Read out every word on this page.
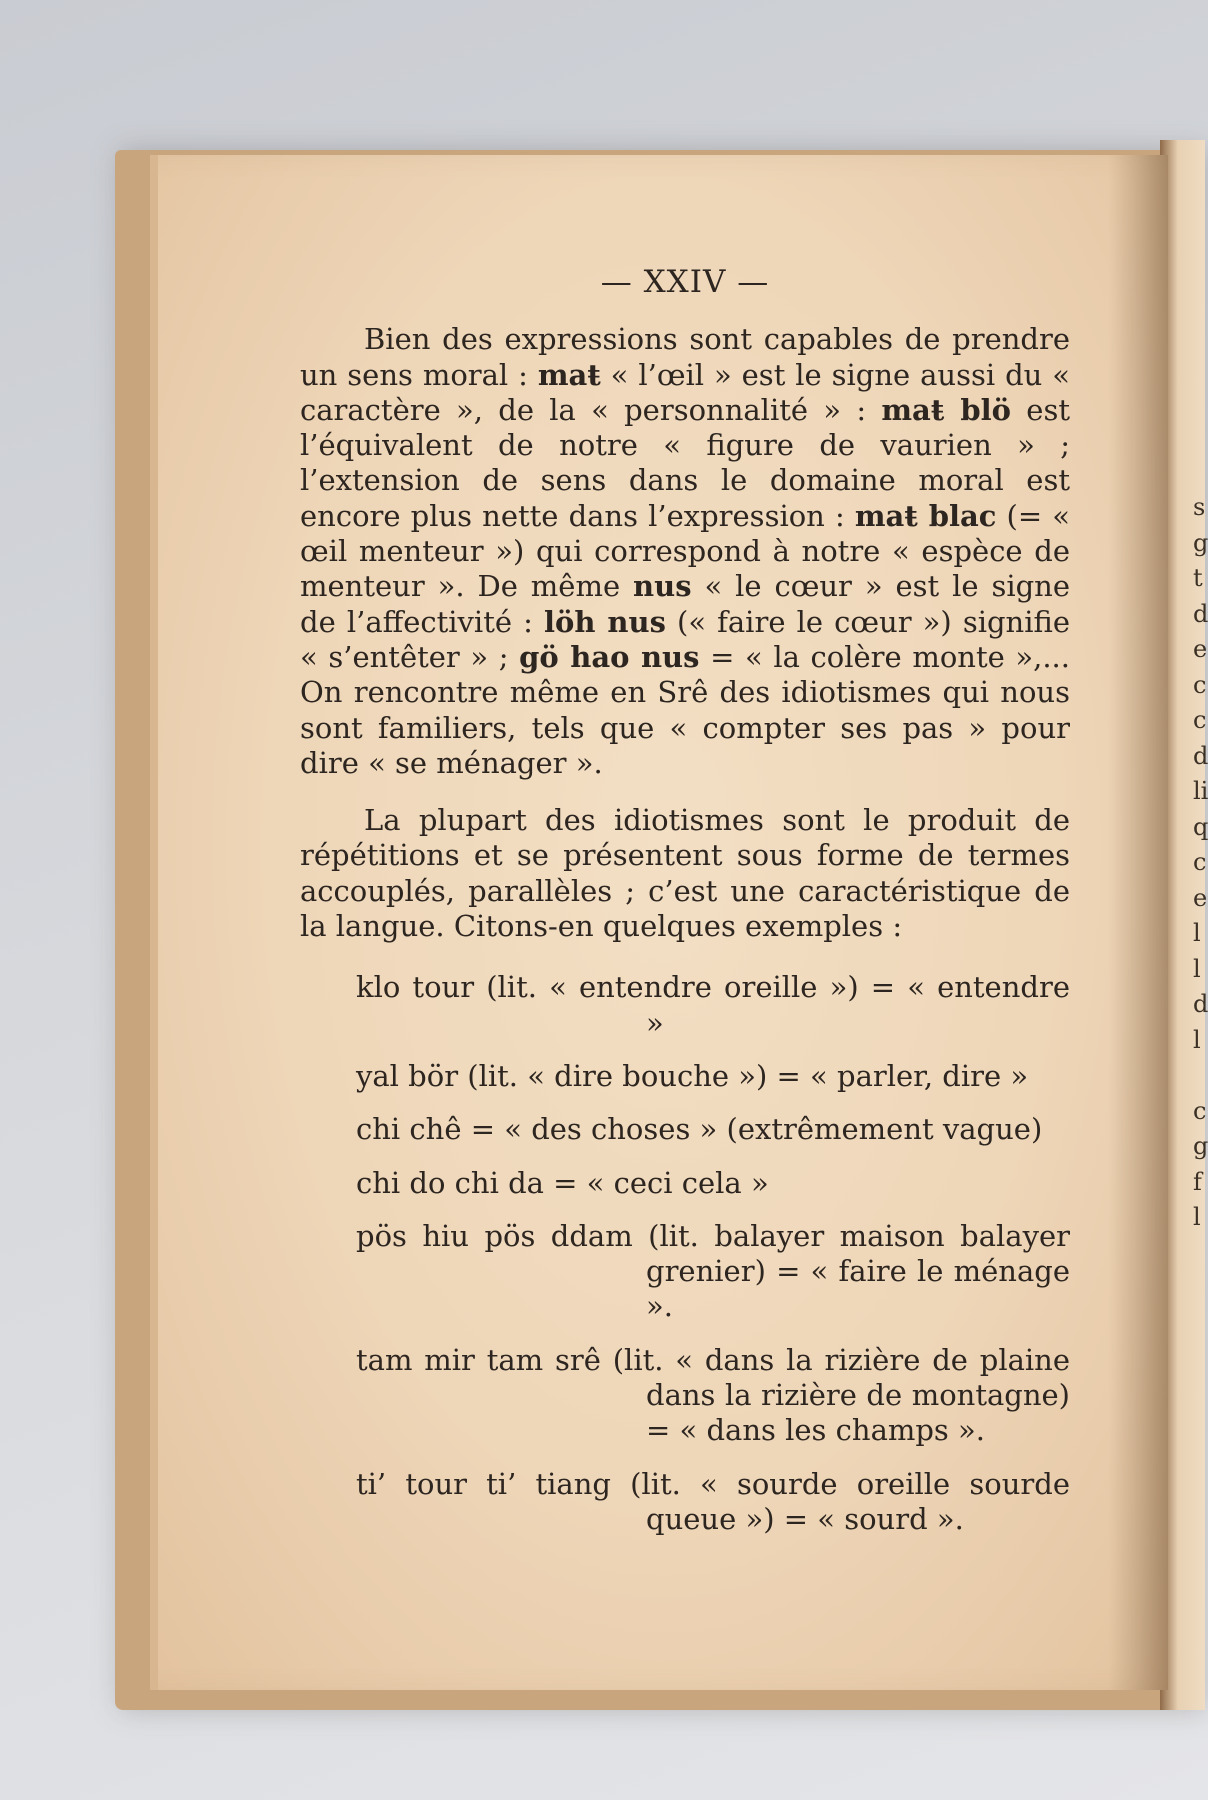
s
g
t
d
e
c
c
d
li
q
c
e
l
l
d
l
c
g
f
l
— XXIV —

Bien des expressions sont capables de prendre un sens moral : maŧ « l’œil » est le signe aussi du « caractère », de la « personnalité » : maŧ blö est l’équivalent de notre « figure de vaurien » ; l’extension de sens dans le domaine moral est encore plus nette dans l’expression : maŧ blac (= « œil menteur ») qui correspond à notre « espèce de menteur ». De même nus « le cœur » est le signe de l’affectivité : löh nus (« faire le cœur ») signifie « s’entêter » ; gö hao nus = « la colère monte »,... On rencontre même en Srê des idiotismes qui nous sont familiers, tels que « compter ses pas » pour dire « se ménager ».

La plupart des idiotismes sont le produit de répétitions et se présentent sous forme de termes accouplés, parallèles ; c’est une caractéristique de la langue. Citons-en quelques exemples :

klo tour (lit. « entendre oreille ») = « entendre »
yal bör (lit. « dire bouche ») = « parler, dire »
chi chê = « des choses » (extrêmement vague)
chi do chi da = « ceci cela »
pös hiu pös ddam (lit. balayer maison balayer grenier) = « faire le ménage ».
tam mir tam srê (lit. « dans la rizière de plaine dans la rizière de montagne) = « dans les champs ».
ti’ tour ti’ tiang (lit. « sourde oreille sourde queue ») = « sourd ».
